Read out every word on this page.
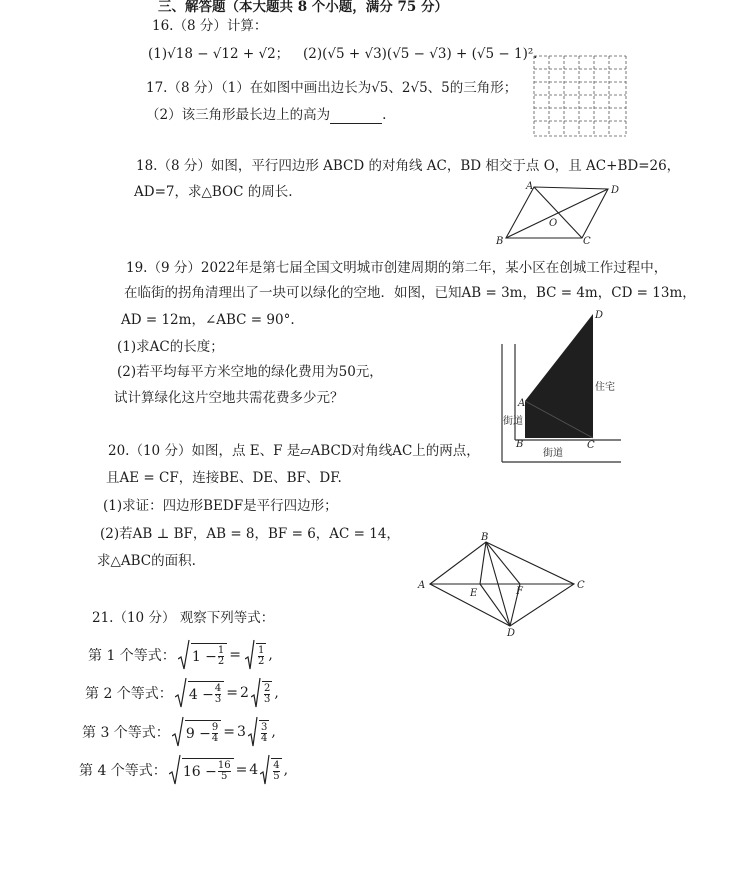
三、解答题（本大题共 8 个小题，满分 75 分）
16.（8 分）计算：
(1)√18 − √12 + √2； (2)(√5 + √3)(√5 − √3) + (√5 − 1)².
17.（8 分）（1）在如图中画出边长为√5、2√5、5的三角形；
（2）该三角形最长边上的高为	.
18.（8 分）如图，平行四边形 ABCD 的对角线 AC，BD 相交于点 O，且 AC+BD=26，
AD=7，求△BOC 的周长.	A	D
B	C
O
19.（9 分）2022年是第七届全国文明城市创建周期的第二年，某小区在创城工作过程中，
在临街的拐角清理出了一块可以绿化的空地．如图，已知AB = 3m，BC = 4m，CD = 13m，
AD = 12m，∠ABC = 90°.
(1)求AC的长度；
(2)若平均每平方米空地的绿化费用为50元，
试计算绿化这片空地共需花费多少元？
D
A
B	C
街道
街道
住宅
20.（10 分）如图，点 E、F 是▱ABCD对角线AC上的两点，
且AE = CF，连接BE、DE、BF、DF.
(1)求证：四边形BEDF是平行四边形；
(2)若AB ⊥ BF，AB = 8，BF = 6，AC = 14，
求△ABC的面积.
B
A	C
D
E	F
21.（10 分） 观察下列等式：
第 1 个等式： $1 - \frac{1}{2} = \frac{1}{2}$ ,
第 2 个等式： $4 - \frac{4}{3} = 2 \frac{2}{3}$ ,
第 3 个等式： $9 - \frac{9}{4} = 3 \frac{3}{4}$ ,
第 4 个等式： $16 - \frac{16}{5} = 4 \frac{4}{5}$ ,
